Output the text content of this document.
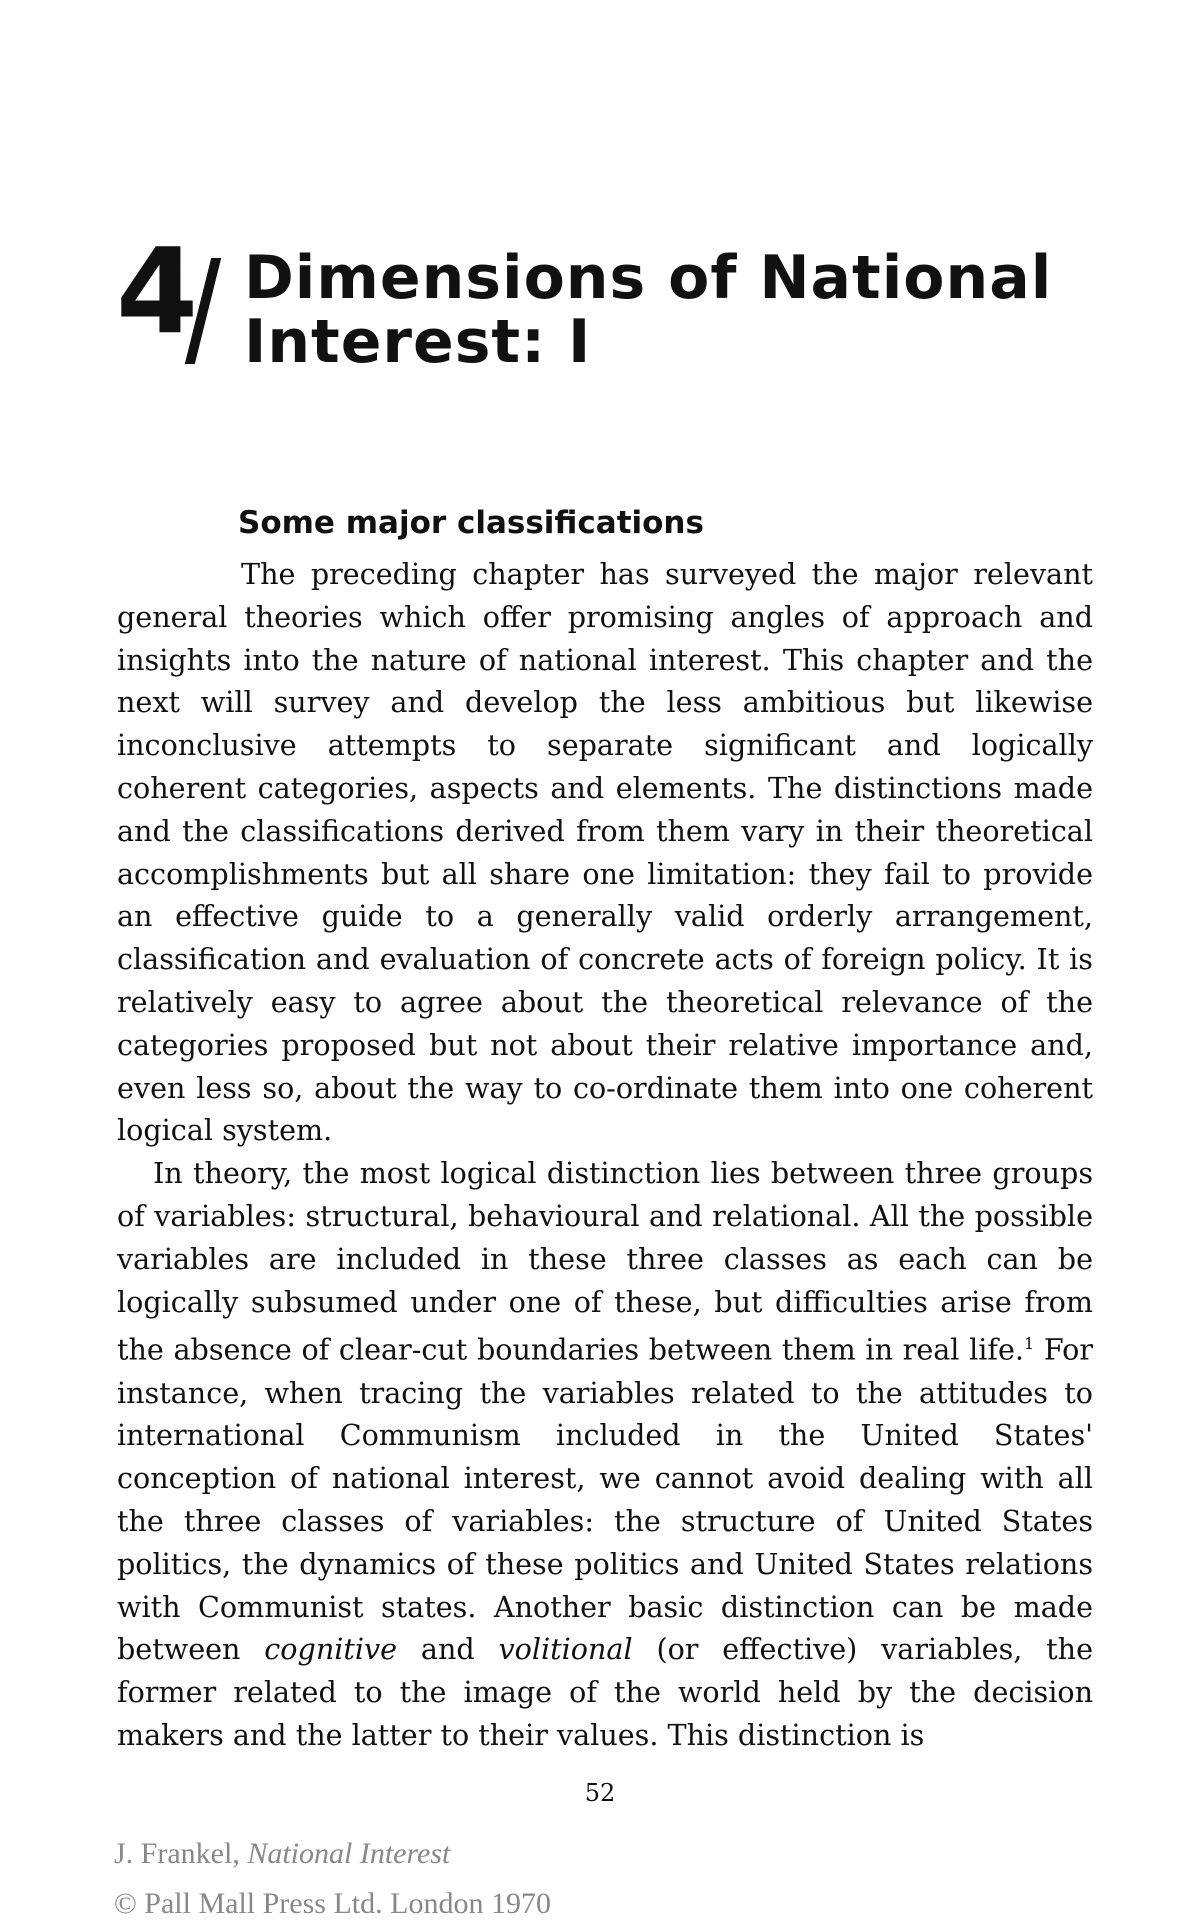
4 Dimensions of National
Interest: I
Some major classifications

The preceding chapter has surveyed the major relevant general theories which offer promising angles of approach and insights into the nature of national interest. This chapter and the next will survey and develop the less ambitious but likewise inconclusive attempts to separate significant and logically coherent categories, aspects and elements. The distinctions made and the classifications derived from them vary in their theoretical accomplishments but all share one limitation: they fail to provide an effective guide to a generally valid orderly arrangement, classification and evaluation of concrete acts of foreign policy. It is relatively easy to agree about the theoretical relevance of the categories proposed but not about their relative importance and, even less so, about the way to co-ordinate them into one coherent logical system.

In theory, the most logical distinction lies between three groups of variables: structural, behavioural and relational. All the possible variables are included in these three classes as each can be logically subsumed under one of these, but difficulties arise from the absence of clear-cut boundaries between them in real life.$^1$ For instance, when tracing the variables related to the attitudes to international Communism included in the United States' conception of national interest, we cannot avoid dealing with all the three classes of variables: the structure of United States politics, the dynamics of these politics and United States relations with Communist states. Another basic distinction can be made between cognitive and volitional (or effective) variables, the former related to the image of the world held by the decision makers and the latter to their values. This distinction is

52
J. Frankel, National Interest
© Pall Mall Press Ltd. London 1970
